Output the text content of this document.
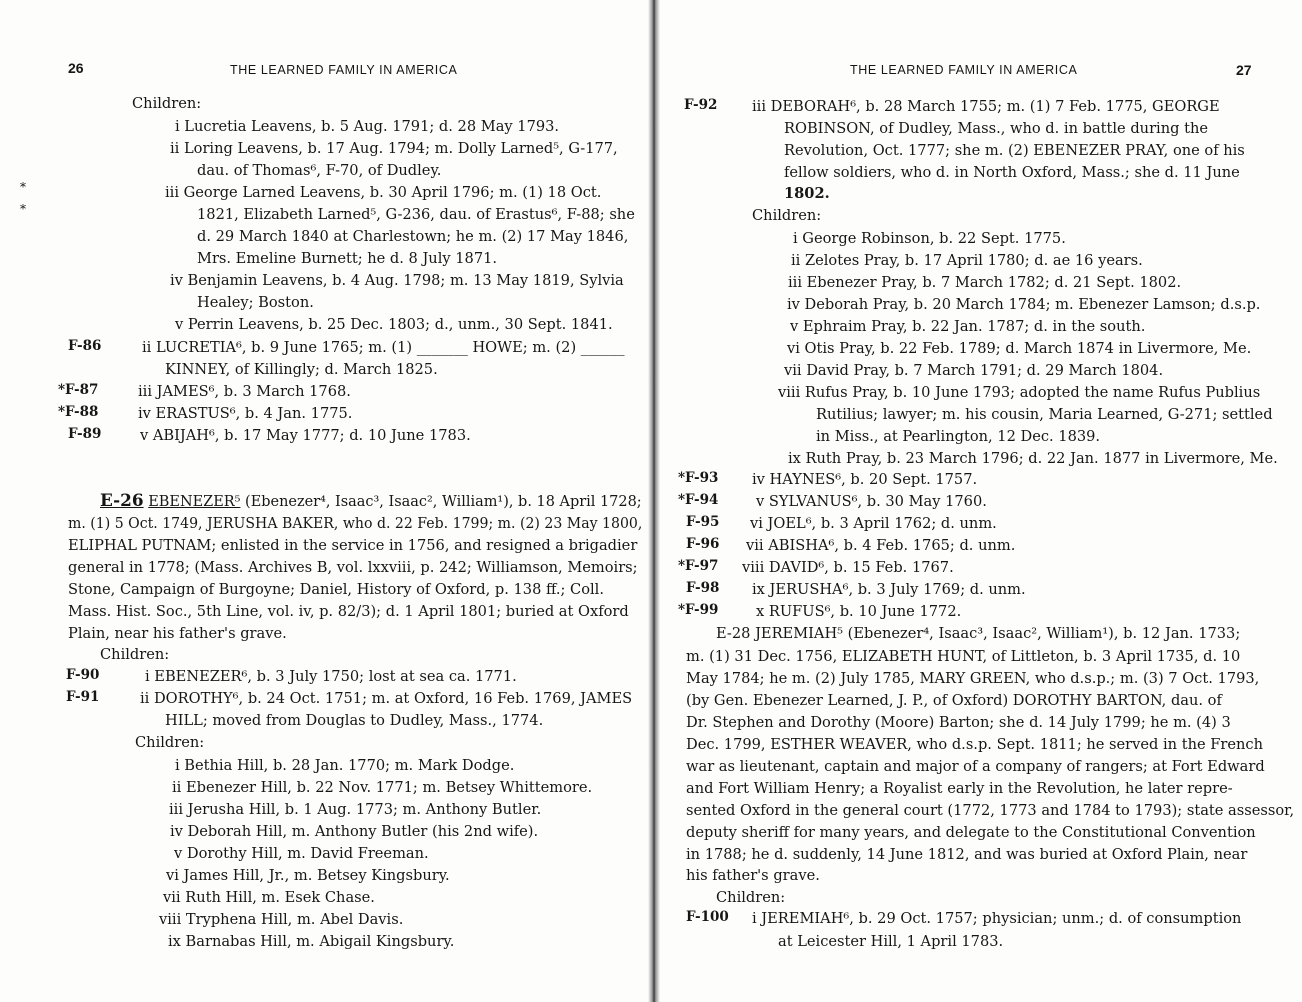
26	THE LEARNED FAMILY IN AMERICA
*
*
F-86
*F-87
*F-88
F-89
F-90
F-91
Children:
i Lucretia Leavens, b. 5 Aug. 1791; d. 28 May 1793.
ii Loring Leavens, b. 17 Aug. 1794; m. Dolly Larned⁵, G-177,
dau. of Thomas⁶, F-70, of Dudley.
iii George Larned Leavens, b. 30 April 1796; m. (1) 18 Oct.
1821, Elizabeth Larned⁵, G-236, dau. of Erastus⁶, F-88; she
d. 29 March 1840 at Charlestown; he m. (2) 17 May 1846,
Mrs. Emeline Burnett; he d. 8 July 1871.
iv Benjamin Leavens, b. 4 Aug. 1798; m. 13 May 1819, Sylvia
Healey; Boston.
v Perrin Leavens, b. 25 Dec. 1803; d., unm., 30 Sept. 1841.
ii LUCRETIA⁶, b. 9 June 1765; m. (1) _______ HOWE; m. (2) ______
KINNEY, of Killingly; d. March 1825.
iii JAMES⁶, b. 3 March 1768.
iv ERASTUS⁶, b. 4 Jan. 1775.
v ABIJAH⁶, b. 17 May 1777; d. 10 June 1783.
E-26 EBENEZER⁵ (Ebenezer⁴, Isaac³, Isaac², William¹), b. 18 April 1728;
m. (1) 5 Oct. 1749, JERUSHA BAKER, who d. 22 Feb. 1799; m. (2) 23 May 1800,
ELIPHAL PUTNAM; enlisted in the service in 1756, and resigned a brigadier
general in 1778; (Mass. Archives B, vol. lxxviii, p. 242; Williamson, Memoirs;
Stone, Campaign of Burgoyne; Daniel, History of Oxford, p. 138 ff.; Coll.
Mass. Hist. Soc., 5th Line, vol. iv, p. 82/3); d. 1 April 1801; buried at Oxford
Plain, near his father's grave.
Children:
i EBENEZER⁶, b. 3 July 1750; lost at sea ca. 1771.
ii DOROTHY⁶, b. 24 Oct. 1751; m. at Oxford, 16 Feb. 1769, JAMES
HILL; moved from Douglas to Dudley, Mass., 1774.
Children:
i Bethia Hill, b. 28 Jan. 1770; m. Mark Dodge.
ii Ebenezer Hill, b. 22 Nov. 1771; m. Betsey Whittemore.
iii Jerusha Hill, b. 1 Aug. 1773; m. Anthony Butler.
iv Deborah Hill, m. Anthony Butler (his 2nd wife).
v Dorothy Hill, m. David Freeman.
vi James Hill, Jr., m. Betsey Kingsbury.
vii Ruth Hill, m. Esek Chase.
viii Tryphena Hill, m. Abel Davis.
ix Barnabas Hill, m. Abigail Kingsbury.
THE LEARNED FAMILY IN AMERICA	27
F-92
*F-93
*F-94
F-95
F-96
*F-97
F-98
*F-99
F-100
iii DEBORAH⁶, b. 28 March 1755; m. (1) 7 Feb. 1775, GEORGE
ROBINSON, of Dudley, Mass., who d. in battle during the
Revolution, Oct. 1777; she m. (2) EBENEZER PRAY, one of his
fellow soldiers, who d. in North Oxford, Mass.; she d. 11 June
1802.
Children:
i George Robinson, b. 22 Sept. 1775.
ii Zelotes Pray, b. 17 April 1780; d. ae 16 years.
iii Ebenezer Pray, b. 7 March 1782; d. 21 Sept. 1802.
iv Deborah Pray, b. 20 March 1784; m. Ebenezer Lamson; d.s.p.
v Ephraim Pray, b. 22 Jan. 1787; d. in the south.
vi Otis Pray, b. 22 Feb. 1789; d. March 1874 in Livermore, Me.
vii David Pray, b. 7 March 1791; d. 29 March 1804.
viii Rufus Pray, b. 10 June 1793; adopted the name Rufus Publius
Rutilius; lawyer; m. his cousin, Maria Learned, G-271; settled
in Miss., at Pearlington, 12 Dec. 1839.
ix Ruth Pray, b. 23 March 1796; d. 22 Jan. 1877 in Livermore, Me.
iv HAYNES⁶, b. 20 Sept. 1757.
v SYLVANUS⁶, b. 30 May 1760.
vi JOEL⁶, b. 3 April 1762; d. unm.
vii ABISHA⁶, b. 4 Feb. 1765; d. unm.
viii DAVID⁶, b. 15 Feb. 1767.
ix JERUSHA⁶, b. 3 July 1769; d. unm.
x RUFUS⁶, b. 10 June 1772.
E-28 JEREMIAH⁵ (Ebenezer⁴, Isaac³, Isaac², William¹), b. 12 Jan. 1733;
m. (1) 31 Dec. 1756, ELIZABETH HUNT, of Littleton, b. 3 April 1735, d. 10
May 1784; he m. (2) July 1785, MARY GREEN, who d.s.p.; m. (3) 7 Oct. 1793,
(by Gen. Ebenezer Learned, J. P., of Oxford) DOROTHY BARTON, dau. of
Dr. Stephen and Dorothy (Moore) Barton; she d. 14 July 1799; he m. (4) 3
Dec. 1799, ESTHER WEAVER, who d.s.p. Sept. 1811; he served in the French
war as lieutenant, captain and major of a company of rangers; at Fort Edward
and Fort William Henry; a Royalist early in the Revolution, he later repre-
sented Oxford in the general court (1772, 1773 and 1784 to 1793); state assessor,
deputy sheriff for many years, and delegate to the Constitutional Convention
in 1788; he d. suddenly, 14 June 1812, and was buried at Oxford Plain, near
his father's grave.
Children:
i JEREMIAH⁶, b. 29 Oct. 1757; physician; unm.; d. of consumption
at Leicester Hill, 1 April 1783.
